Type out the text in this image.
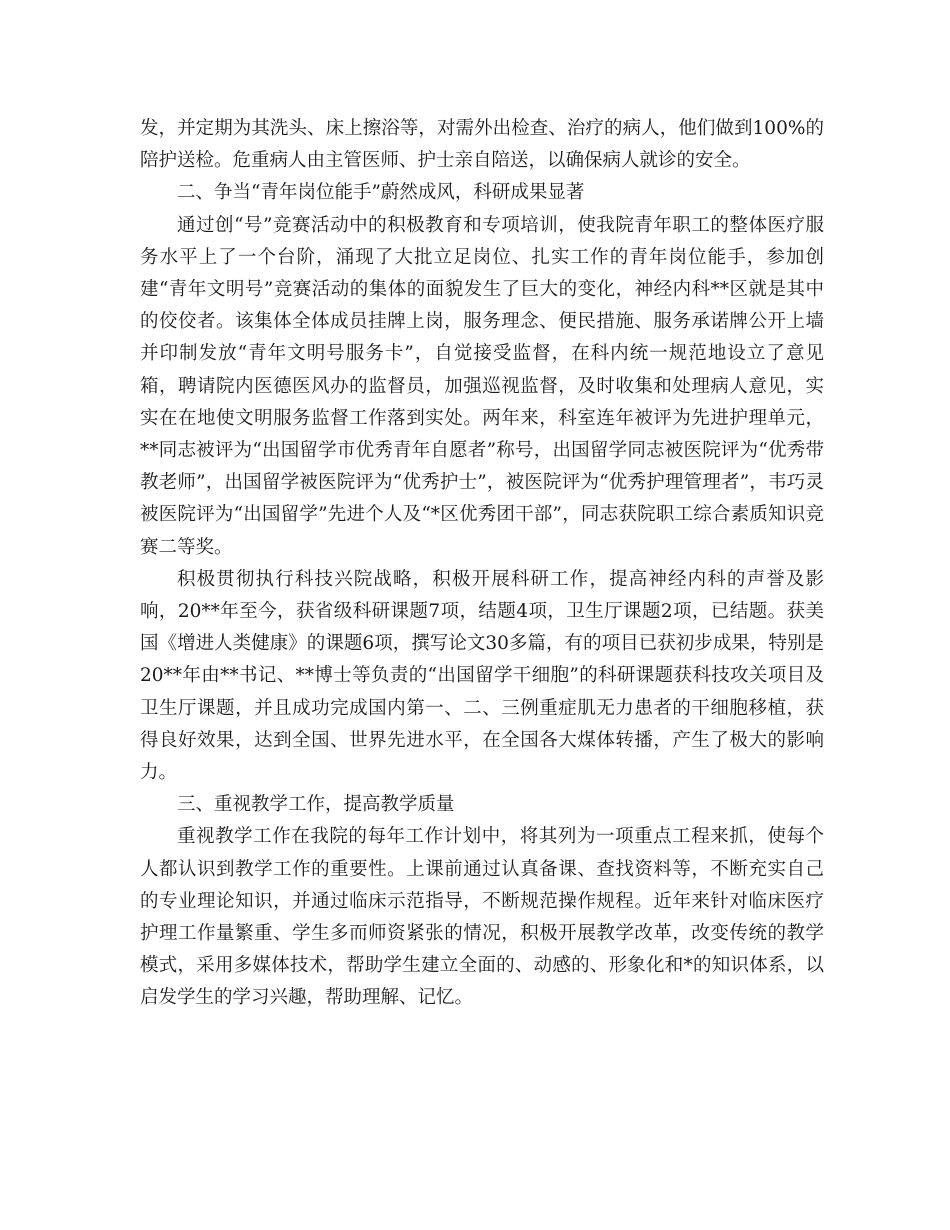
发，并定期为其洗头、床上擦浴等，对需外出检查、治疗的病人，他们做到100%的陪护送检。危重病人由主管医师、护士亲自陪送，以确保病人就诊的安全。

二、争当“青年岗位能手”蔚然成风，科研成果显著

通过创“号”竞赛活动中的积极教育和专项培训，使我院青年职工的整体医疗服务水平上了一个台阶，涌现了大批立足岗位、扎实工作的青年岗位能手，参加创建“青年文明号”竞赛活动的集体的面貌发生了巨大的变化，神经内科**区就是其中的佼佼者。该集体全体成员挂牌上岗，服务理念、便民措施、服务承诺牌公开上墙并印制发放“青年文明号服务卡”，自觉接受监督，在科内统一规范地设立了意见箱，聘请院内医德医风办的监督员，加强巡视监督，及时收集和处理病人意见，实实在在地使文明服务监督工作落到实处。两年来，科室连年被评为先进护理单元，**同志被评为“出国留学市优秀青年自愿者”称号，出国留学同志被医院评为“优秀带教老师”，出国留学被医院评为“优秀护士”，被医院评为“优秀护理管理者”，韦巧灵被医院评为“出国留学”先进个人及“*区优秀团干部”，同志获院职工综合素质知识竞赛二等奖。

积极贯彻执行科技兴院战略，积极开展科研工作，提高神经内科的声誉及影响，20**年至今，获省级科研课题7项，结题4项，卫生厅课题2项，已结题。获美国《增进人类健康》的课题6项，撰写论文30多篇，有的项目已获初步成果，特别是20**年由**书记、**博士等负责的“出国留学干细胞”的科研课题获科技攻关项目及卫生厅课题，并且成功完成国内第一、二、三例重症肌无力患者的干细胞移植，获得良好效果，达到全国、世界先进水平，在全国各大煤体转播，产生了极大的影响力。

三、重视教学工作，提高教学质量

重视教学工作在我院的每年工作计划中，将其列为一项重点工程来抓，使每个人都认识到教学工作的重要性。上课前通过认真备课、查找资料等，不断充实自己的专业理论知识，并通过临床示范指导，不断规范操作规程。近年来针对临床医疗护理工作量繁重、学生多而师资紧张的情况，积极开展教学改革，改变传统的教学模式，采用多媒体技术，帮助学生建立全面的、动感的、形象化和*的知识体系，以启发学生的学习兴趣，帮助理解、记忆。
